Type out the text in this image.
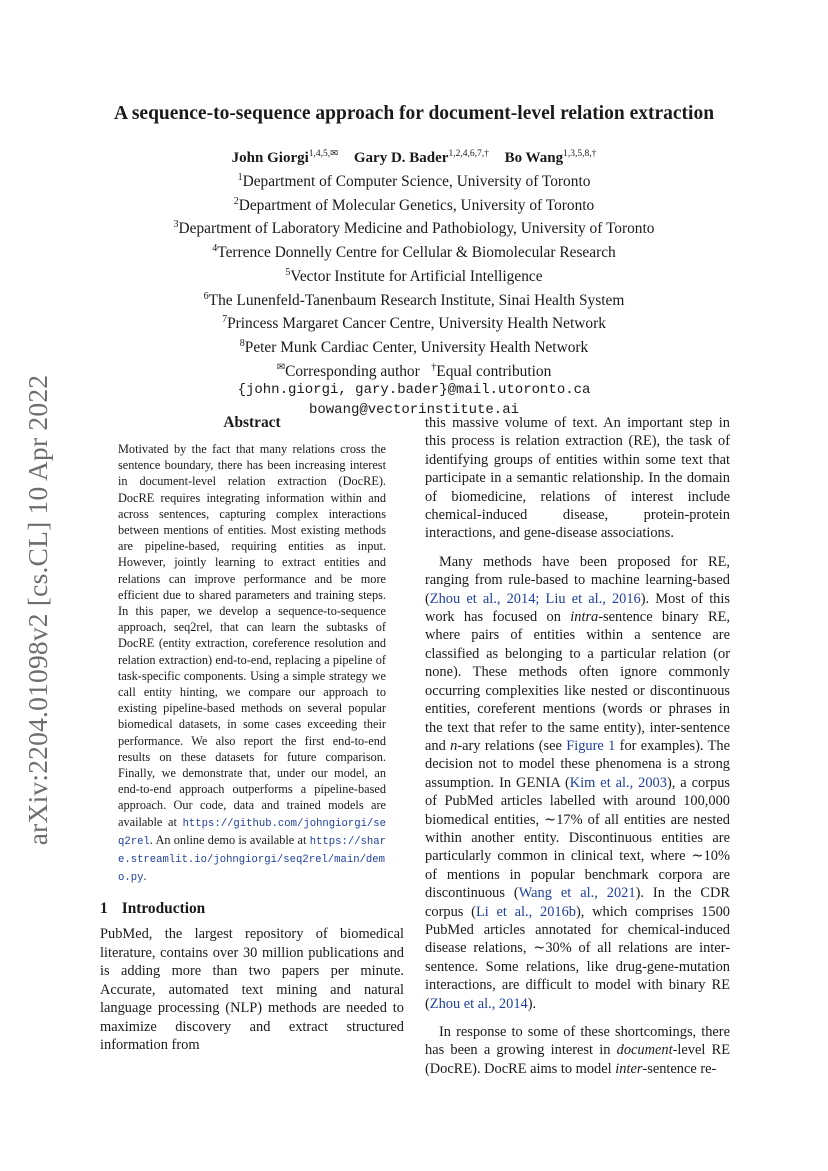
arXiv:2204.01098v2 [cs.CL] 10 Apr 2022
A sequence-to-sequence approach for document-level relation extraction
John Giorgi$^{1,4,5,✉}$ Gary D. Bader$^{1,2,4,6,7,\dagger}$ Bo Wang$^{1,3,5,8,\dagger}$
$^1$Department of Computer Science, University of Toronto
$^2$Department of Molecular Genetics, University of Toronto
$^3$Department of Laboratory Medicine and Pathobiology, University of Toronto
$^4$Terrence Donnelly Centre for Cellular & Biomolecular Research
$^5$Vector Institute for Artificial Intelligence
$^6$The Lunenfeld-Tanenbaum Research Institute, Sinai Health System
$^7$Princess Margaret Cancer Centre, University Health Network
$^8$Peter Munk Cardiac Center, University Health Network
✉Corresponding author †Equal contribution
{john.giorgi, gary.bader}@mail.utoronto.ca
bowang@vectorinstitute.ai
Abstract

Motivated by the fact that many relations cross the sentence boundary, there has been increasing interest in document-level relation extraction (DocRE). DocRE requires integrating information within and across sentences, capturing complex interactions between mentions of entities. Most existing methods are pipeline-based, requiring entities as input. However, jointly learning to extract entities and relations can improve performance and be more efficient due to shared parameters and training steps. In this paper, we develop a sequence-to-sequence approach, seq2rel, that can learn the subtasks of DocRE (entity extraction, coreference resolution and relation extraction) end-to-end, replacing a pipeline of task-specific components. Using a simple strategy we call entity hinting, we compare our approach to existing pipeline-based methods on several popular biomedical datasets, in some cases exceeding their performance. We also report the first end-to-end results on these datasets for future comparison. Finally, we demonstrate that, under our model, an end-to-end approach outperforms a pipeline-based approach. Our code, data and trained models are available at https://github.com/johngiorgi/seq2rel. An online demo is available at https://share.streamlit.io/johngiorgi/seq2rel/main/demo.py.

1 Introduction

PubMed, the largest repository of biomedical literature, contains over 30 million publications and is adding more than two papers per minute. Accurate, automated text mining and natural language processing (NLP) methods are needed to maximize discovery and extract structured information from

this massive volume of text. An important step in this process is relation extraction (RE), the task of identifying groups of entities within some text that participate in a semantic relationship. In the domain of biomedicine, relations of interest include chemical-induced disease, protein-protein interactions, and gene-disease associations.

Many methods have been proposed for RE, ranging from rule-based to machine learning-based (Zhou et al., 2014; Liu et al., 2016). Most of this work has focused on intra-sentence binary RE, where pairs of entities within a sentence are classified as belonging to a particular relation (or none). These methods often ignore commonly occurring complexities like nested or discontinuous entities, coreferent mentions (words or phrases in the text that refer to the same entity), inter-sentence and n-ary relations (see Figure 1 for examples). The decision not to model these phenomena is a strong assumption. In GENIA (Kim et al., 2003), a corpus of PubMed articles labelled with around 100,000 biomedical entities, ∼17% of all entities are nested within another entity. Discontinuous entities are particularly common in clinical text, where ∼10% of mentions in popular benchmark corpora are discontinuous (Wang et al., 2021). In the CDR corpus (Li et al., 2016b), which comprises 1500 PubMed articles annotated for chemical-induced disease relations, ∼30% of all relations are inter-sentence. Some relations, like drug-gene-mutation interactions, are difficult to model with binary RE (Zhou et al., 2014).

In response to some of these shortcomings, there has been a growing interest in document-level RE (DocRE). DocRE aims to model inter-sentence re-
